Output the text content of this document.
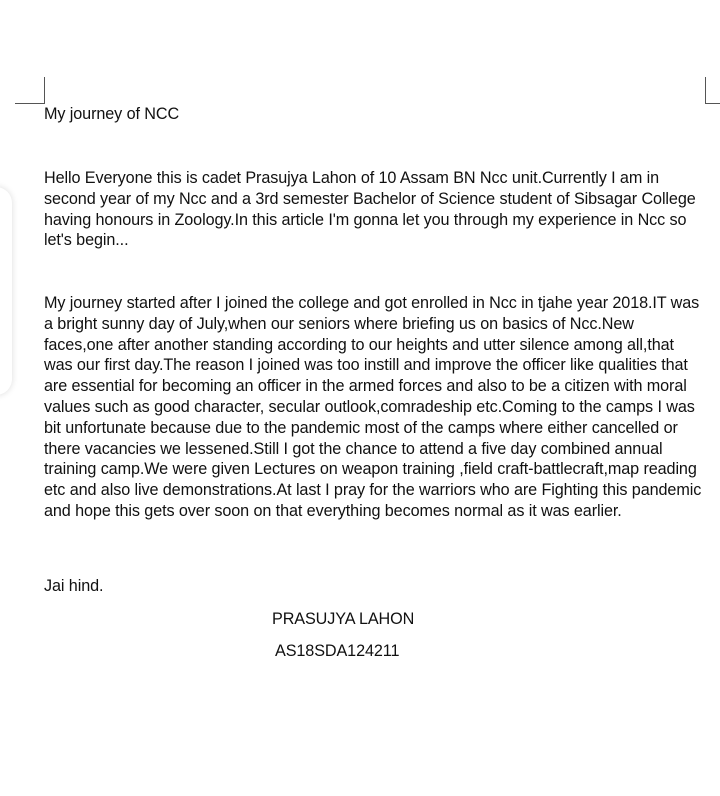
My journey of NCC

Hello Everyone this is cadet Prasujya Lahon of 10 Assam BN Ncc unit.Currently I am in second year of my Ncc and a 3rd semester Bachelor of Science student of Sibsagar College having honours in Zoology.In this article I'm gonna let you through my experience in Ncc so let's begin...

My journey started after I joined the college and got enrolled in Ncc in tjahe year 2018.IT was a bright sunny day of July,when our seniors where briefing us on basics of Ncc.New faces,one after another standing according to our heights and utter silence among all,that was our first day.The reason I joined was too instill and improve the officer like qualities that are essential for becoming an officer in the armed forces and also to be a citizen with moral values such as good character, secular outlook,comradeship etc.Coming to the camps I was bit unfortunate because due to the pandemic most of the camps where either cancelled or there vacancies we lessened.Still I got the chance to attend a five day combined annual training camp.We were given Lectures on weapon training ,field craft-battlecraft,map reading etc and also live demonstrations.At last I pray for the warriors who are Fighting this pandemic and hope this gets over soon on that everything becomes normal as it was earlier.

Jai hind.

PRASUJYA LAHON

AS18SDA124211
